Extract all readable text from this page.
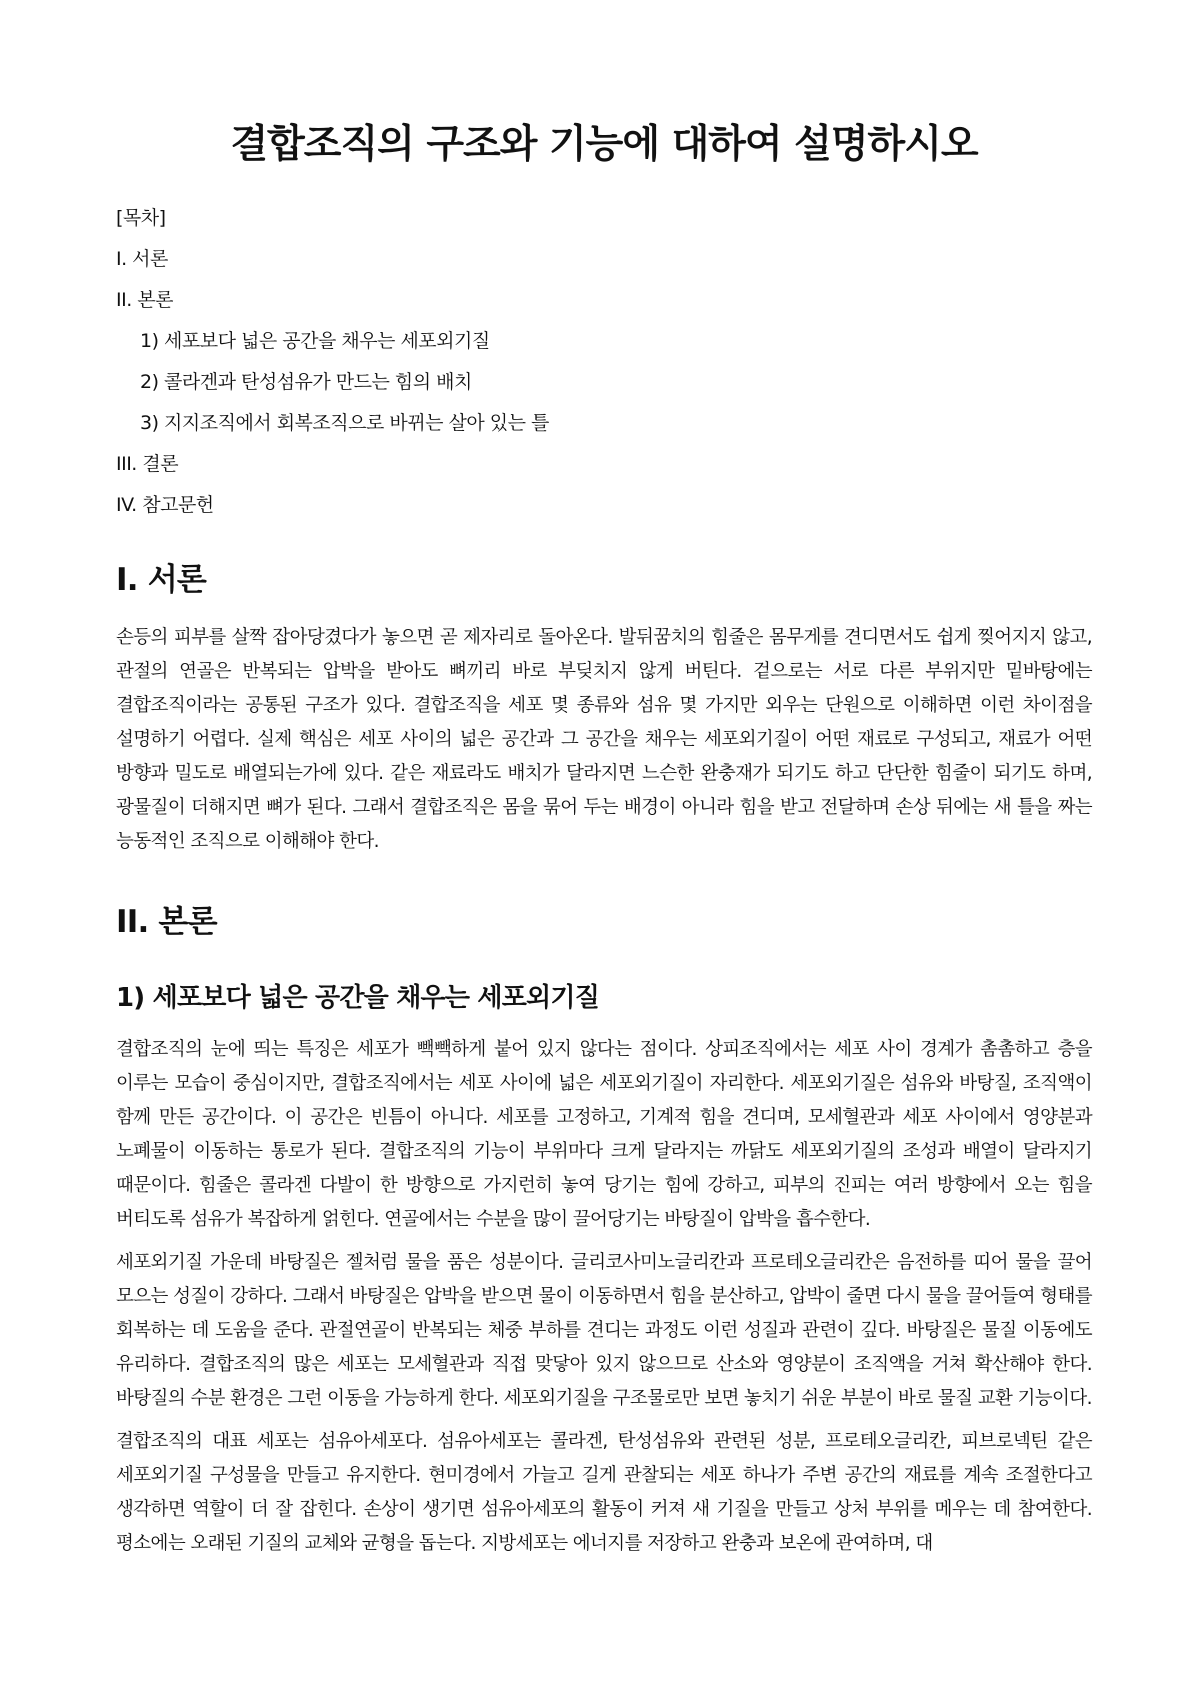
결합조직의 구조와 기능에 대하여 설명하시오
[목차]
I. 서론
II. 본론
1) 세포보다 넓은 공간을 채우는 세포외기질
2) 콜라겐과 탄성섬유가 만드는 힘의 배치
3) 지지조직에서 회복조직으로 바뀌는 살아 있는 틀
III. 결론
IV. 참고문헌
I. 서론

손등의 피부를 살짝 잡아당겼다가 놓으면 곧 제자리로 돌아온다. 발뒤꿈치의 힘줄은 몸무게를 견디면서도 쉽게 찢어지지 않고, 관절의 연골은 반복되는 압박을 받아도 뼈끼리 바로 부딪치지 않게 버틴다. 겉으로는 서로 다른 부위지만 밑바탕에는 결합조직이라는 공통된 구조가 있다. 결합조직을 세포 몇 종류와 섬유 몇 가지만 외우는 단원으로 이해하면 이런 차이점을 설명하기 어렵다. 실제 핵심은 세포 사이의 넓은 공간과 그 공간을 채우는 세포외기질이 어떤 재료로 구성되고, 재료가 어떤 방향과 밀도로 배열되는가에 있다. 같은 재료라도 배치가 달라지면 느슨한 완충재가 되기도 하고 단단한 힘줄이 되기도 하며, 광물질이 더해지면 뼈가 된다. 그래서 결합조직은 몸을 묶어 두는 배경이 아니라 힘을 받고 전달하며 손상 뒤에는 새 틀을 짜는 능동적인 조직으로 이해해야 한다.

II. 본론
1) 세포보다 넓은 공간을 채우는 세포외기질

결합조직의 눈에 띄는 특징은 세포가 빽빽하게 붙어 있지 않다는 점이다. 상피조직에서는 세포 사이 경계가 촘촘하고 층을 이루는 모습이 중심이지만, 결합조직에서는 세포 사이에 넓은 세포외기질이 자리한다. 세포외기질은 섬유와 바탕질, 조직액이 함께 만든 공간이다. 이 공간은 빈틈이 아니다. 세포를 고정하고, 기계적 힘을 견디며, 모세혈관과 세포 사이에서 영양분과 노폐물이 이동하는 통로가 된다. 결합조직의 기능이 부위마다 크게 달라지는 까닭도 세포외기질의 조성과 배열이 달라지기 때문이다. 힘줄은 콜라겐 다발이 한 방향으로 가지런히 놓여 당기는 힘에 강하고, 피부의 진피는 여러 방향에서 오는 힘을 버티도록 섬유가 복잡하게 얽힌다. 연골에서는 수분을 많이 끌어당기는 바탕질이 압박을 흡수한다.

세포외기질 가운데 바탕질은 젤처럼 물을 품은 성분이다. 글리코사미노글리칸과 프로테오글리칸은 음전하를 띠어 물을 끌어 모으는 성질이 강하다. 그래서 바탕질은 압박을 받으면 물이 이동하면서 힘을 분산하고, 압박이 줄면 다시 물을 끌어들여 형태를 회복하는 데 도움을 준다. 관절연골이 반복되는 체중 부하를 견디는 과정도 이런 성질과 관련이 깊다. 바탕질은 물질 이동에도 유리하다. 결합조직의 많은 세포는 모세혈관과 직접 맞닿아 있지 않으므로 산소와 영양분이 조직액을 거쳐 확산해야 한다. 바탕질의 수분 환경은 그런 이동을 가능하게 한다. 세포외기질을 구조물로만 보면 놓치기 쉬운 부분이 바로 물질 교환 기능이다.

결합조직의 대표 세포는 섬유아세포다. 섬유아세포는 콜라겐, 탄성섬유와 관련된 성분, 프로테오글리칸, 피브로넥틴 같은 세포외기질 구성물을 만들고 유지한다. 현미경에서 가늘고 길게 관찰되는 세포 하나가 주변 공간의 재료를 계속 조절한다고 생각하면 역할이 더 잘 잡힌다. 손상이 생기면 섬유아세포의 활동이 커져 새 기질을 만들고 상처 부위를 메우는 데 참여한다. 평소에는 오래된 기질의 교체와 균형을 돕는다. 지방세포는 에너지를 저장하고 완충과 보온에 관여하며, 대
